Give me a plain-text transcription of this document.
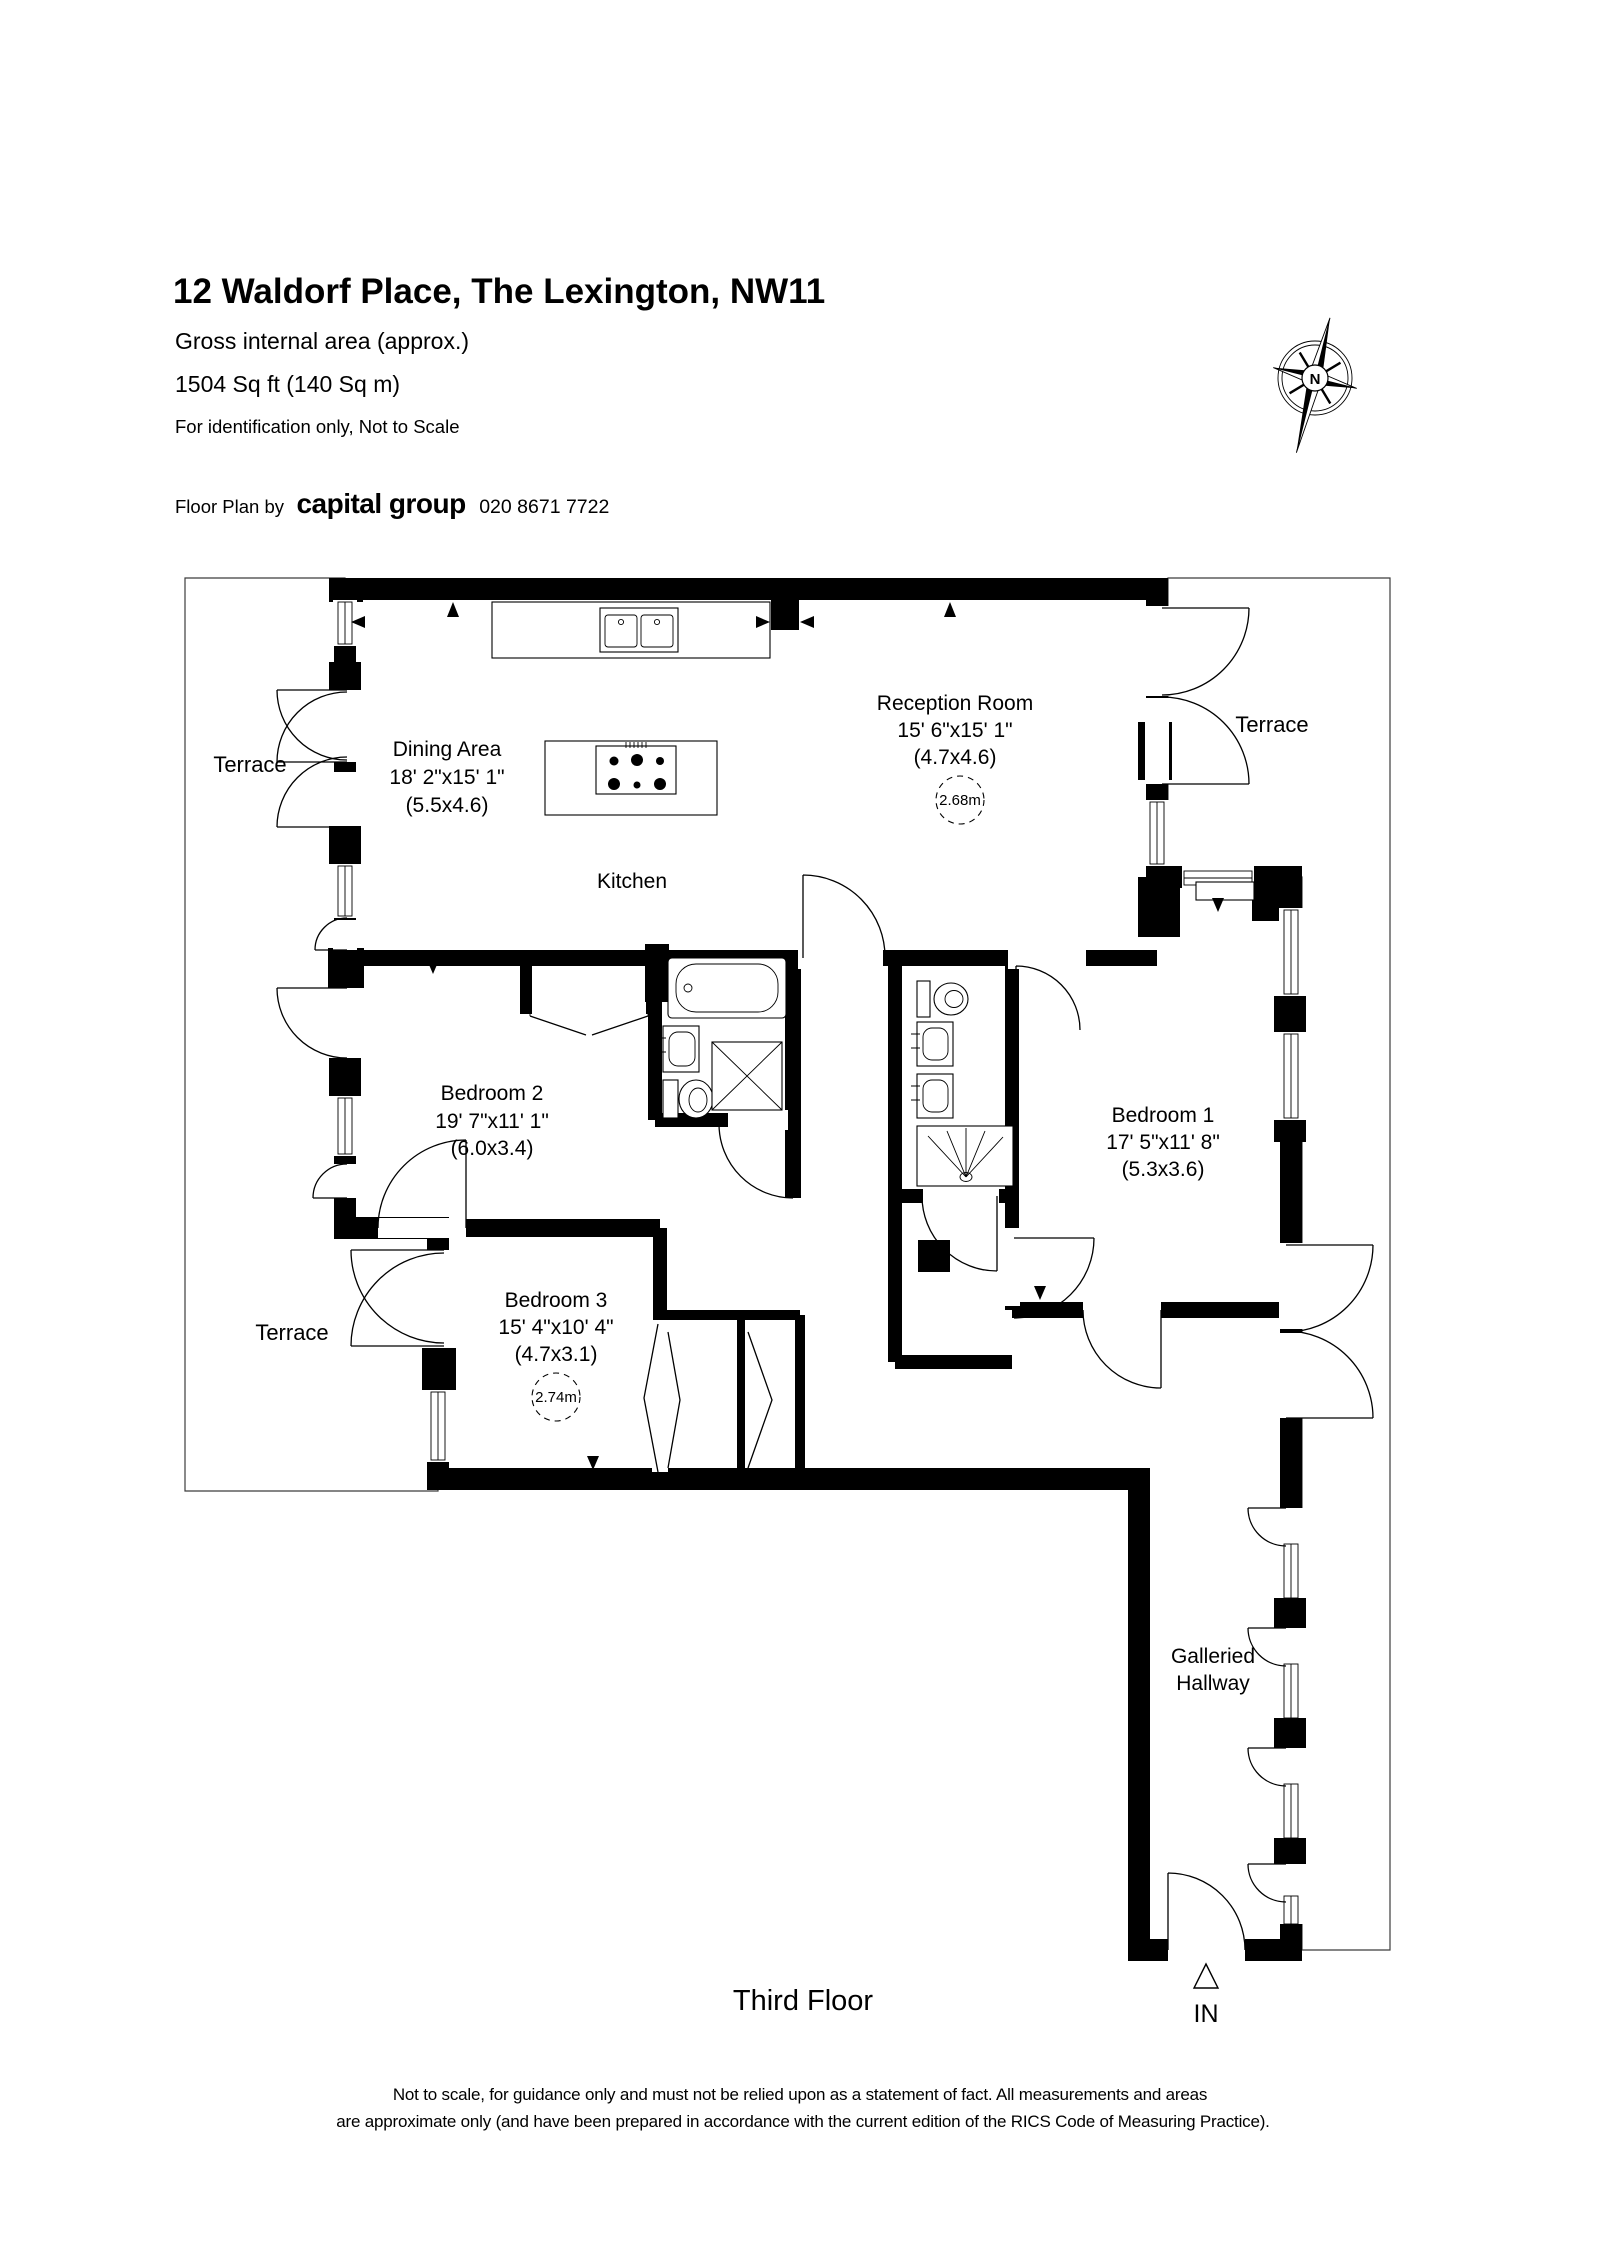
12 Waldorf Place, The Lexington, NW11
Gross internal area (approx.)
1504 Sq ft (140 Sq m)
For identification only, Not to Scale
Floor Plan by capital group 020 8671 7722
N
Dining Area
18' 2"x15' 1"
(5.5x4.6)
Kitchen
Reception Room
15' 6"x15' 1"
(4.7x4.6)
2.68m
Bedroom 2
19' 7"x11' 1"
(6.0x3.4)
Bedroom 1
17' 5"x11' 8"
(5.3x3.6)
Bedroom 3
15' 4"x10' 4"
(4.7x3.1)
2.74m
Galleried
Hallway
Terrace
Terrace
Terrace
IN
Third Floor
Not to scale, for guidance only and must not be relied upon as a statement of fact. All measurements and areas
are approximate only (and have been prepared in accordance with the current edition of the RICS Code of Measuring Practice).
